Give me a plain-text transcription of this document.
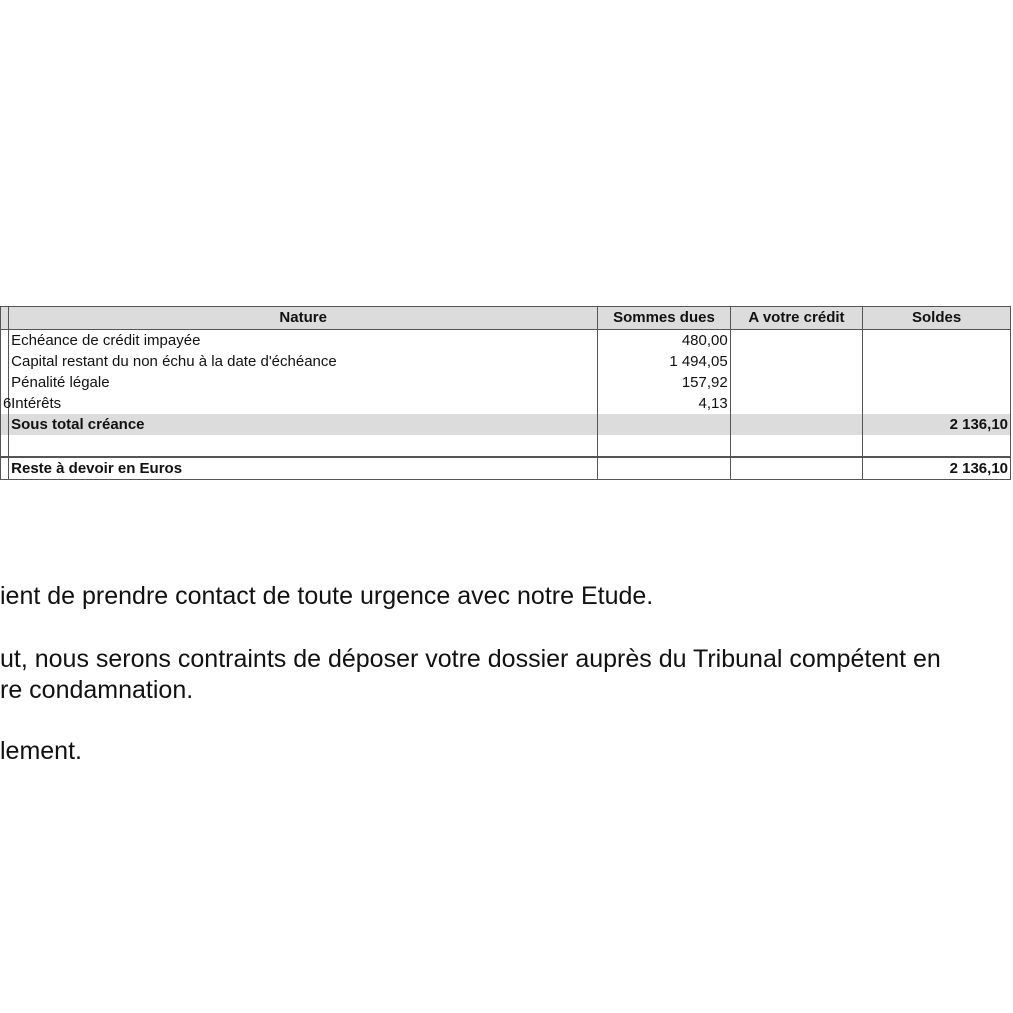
	Nature	Sommes dues	A votre crédit	Soldes
	Echéance de crédit impayée	480,00		
	Capital restant du non échu à la date d'échéance	1 494,05		
	Pénalité légale	157,92		
6	Intérêts	4,13		
	Sous total créance			2 136,10

	Reste à devoir en Euros			2 136,10

ient de prendre contact de toute urgence avec notre Etude.

ut, nous serons contraints de déposer votre dossier auprès du Tribunal compétent en
re condamnation.

lement.
